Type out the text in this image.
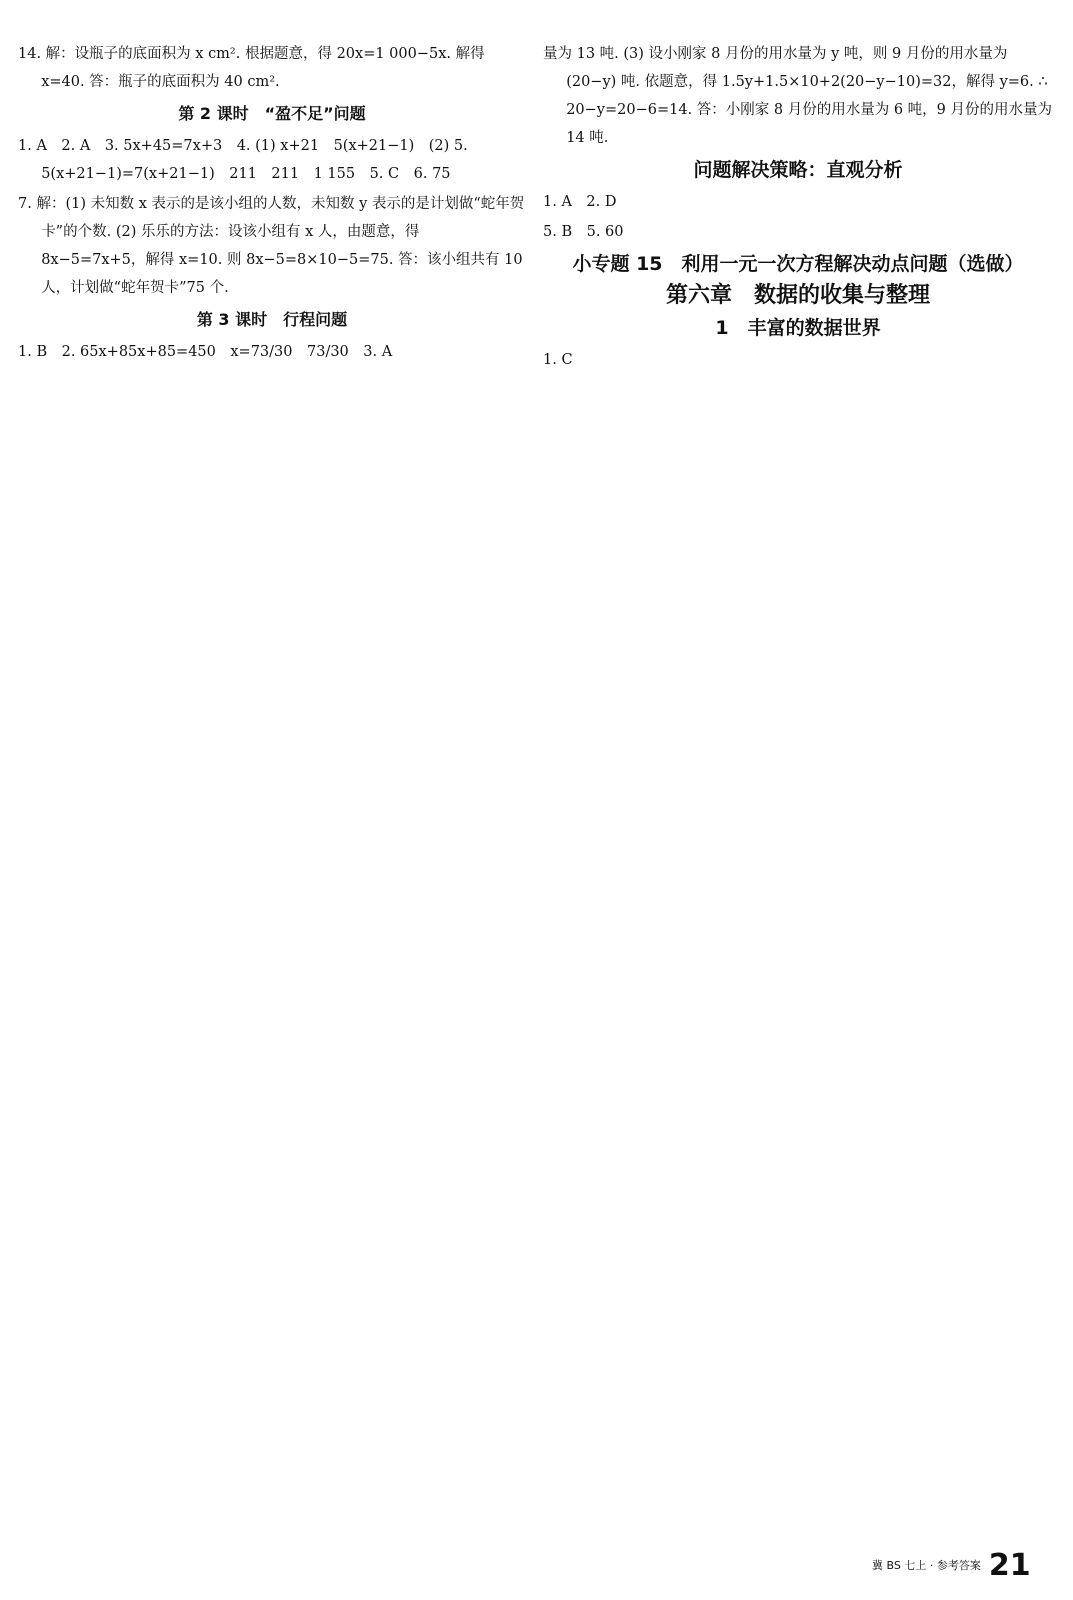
14. 解：设瓶子的底面积为 x cm². 根据题意，得 20x=1 000−5x. 解得 x=40. 答：瓶子的底面积为 40 cm².
第 2 课时　“盈不足”问题
1. A　2. A　3. 5x+45=7x+3　4. (1) x+21　5(x+21−1)　(2) 5. 5(x+21−1)=7(x+21−1)　211　211　1 155　5. C　6. 75
7. 解：(1) 未知数 x 表示的是该小组的人数，未知数 y 表示的是计划做“蛇年贺卡”的个数. (2) 乐乐的方法：设该小组有 x 人，由题意，得 8x−5=7x+5，解得 x=10. 则 8x−5=8×10−5=75. 答：该小组共有 10 人，计划做“蛇年贺卡”75 个.
第 3 课时　行程问题
1. B　2. 65x+85x+85=450　x=73/30　73/30　3. A
量为 13 吨. (3) 设小刚家 8 月份的用水量为 y 吨，则 9 月份的用水量为 (20−y) 吨. 依题意，得 1.5y+1.5×10+2(20−y−10)=32，解得 y=6. ∴ 20−y=20−6=14. 答：小刚家 8 月份的用水量为 6 吨，9 月份的用水量为 14 吨.
问题解决策略：直观分析
1. A　2. D
5. B　5. 60
小专题 15　利用一元一次方程解决动点问题（选做）
第六章　数据的收集与整理
1　丰富的数据世界
1. C
冀 BS 七上 · 参考答案 21
